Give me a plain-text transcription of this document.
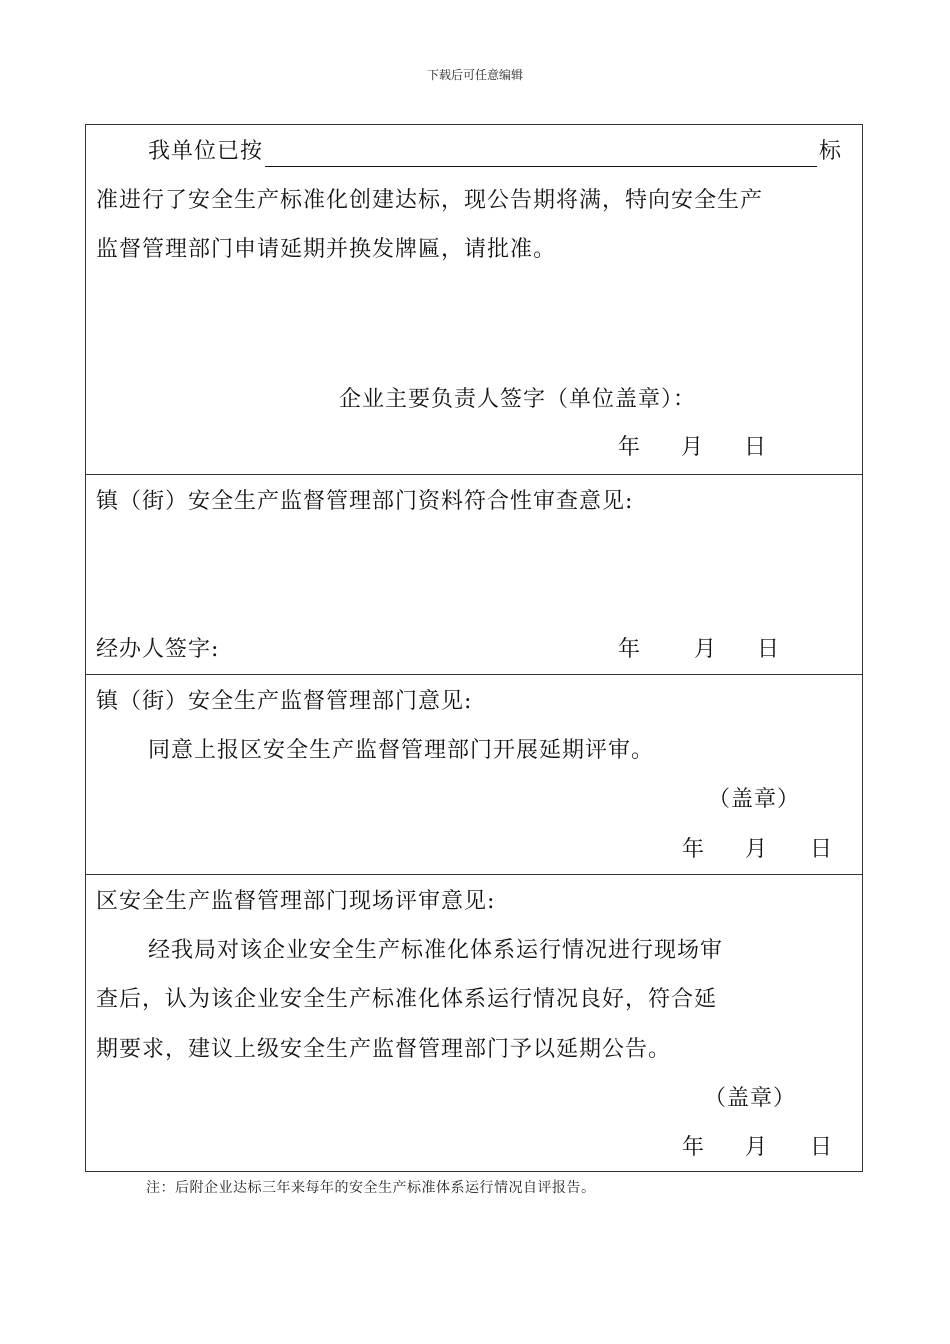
下载后可任意编辑
我单位已按	标
准进行了安全生产标准化创建达标，现公告期将满，特向安全生产
监督管理部门申请延期并换发牌匾，请批准。
企业主要负责人签字（单位盖章）：
年 月 日
镇（街）安全生产监督管理部门资料符合性审查意见:
经办人签字:	年 月 日
镇（街）安全生产监督管理部门意见:
同意上报区安全生产监督管理部门开展延期评审。
（盖章）
年 月 日
区安全生产监督管理部门现场评审意见:
经我局对该企业安全生产标准化体系运行情况进行现场审
查后，认为该企业安全生产标准化体系运行情况良好，符合延
期要求，建议上级安全生产监督管理部门予以延期公告。
（盖章）
年 月 日
注：后附企业达标三年来每年的安全生产标准体系运行情况自评报告。
